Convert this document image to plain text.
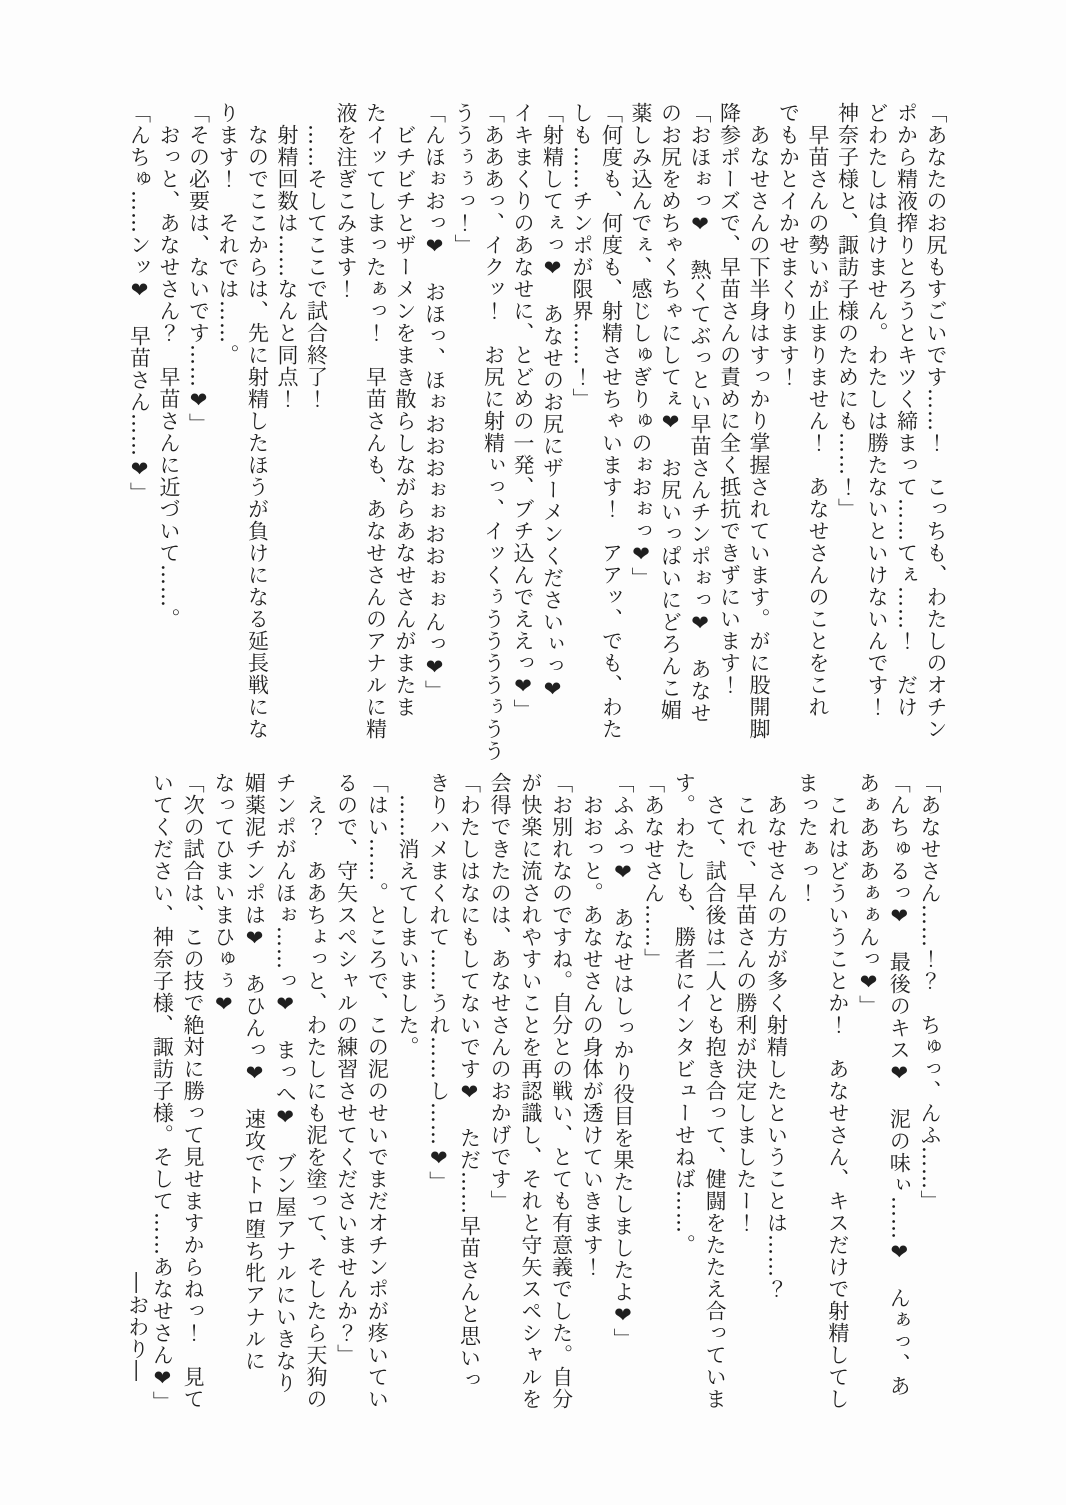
「あなたのお尻もすごいです……！　こっちも、わたしのオチン

ポから精液搾りとろうとキツく締まって……てぇ……！　だけ

どわたしは負けません。わたしは勝たないといけないんです！

神奈子様と、諏訪子様のためにも……！」

　早苗さんの勢いが止まりません！　あなせさんのことをこれ

でもかとイかせまくります！

　あなせさんの下半身はすっかり掌握されています。がに股開脚

降参ポーズで、早苗さんの責めに全く抵抗できずにいます！

「おほぉっ❤　熱くてぶっとい早苗さんチンポぉっ❤　あなせ

のお尻をめちゃくちゃにしてぇ❤　お尻いっぱいにどろんこ媚

薬しみ込んでぇ、感じしゅぎりゅのぉおぉっ❤」

「何度も、何度も、射精させちゃいます！　アアッ、でも、わた

しも……チンポが限界……！」

「射精してぇっ❤　あなせのお尻にザーメンくださいぃっ❤

イキまくりのあなせに、とどめの一発、ブチ込んでええっ❤」

「あああっ、イクッ！　お尻に射精ぃっ、イッくぅううううぅうう

ううぅぅっ！」

「んほぉおっ❤　おほっ、ほぉおおおぉぉおおぉぉんっ❤」

　ビチビチとザーメンをまき散らしながらあなせさんがまたま

たイッてしまったぁっ！　早苗さんも、あなせさんのアナルに精

液を注ぎこみます！

　……そしてここで試合終了！

　射精回数は……なんと同点！

　なのでここからは、先に射精したほうが負けになる延長戦にな

ります！　それでは……。

「その必要は、ないです……❤」

　おっと、あなせさん？　早苗さんに近づいて……。

「んちゅ……ンッ❤　早苗さん……❤」

「あなせさん……！？　ちゅっ、んふ……」

「んちゅるっ❤　最後のキス❤　泥の味ぃ……❤　んぁっ、あ

あぁあああぁぁんっ❤」

　これはどういうことか！　あなせさん、キスだけで射精してし

まったぁっ！

　あなせさんの方が多く射精したということは……？

　これで、早苗さんの勝利が決定しましたー！

　さて、試合後は二人とも抱き合って、健闘をたたえ合っていま

す。わたしも、勝者にインタビューせねば……。

「あなせさん……」

「ふふっ❤　あなせはしっかり役目を果たしましたよ❤」

　おおっと。あなせさんの身体が透けていきます！

「お別れなのですね。自分との戦い、とても有意義でした。自分

が快楽に流されやすいことを再認識し、それと守矢スペシャルを

会得できたのは、あなせさんのおかげです」

「わたしはなにもしてないです❤　ただ……早苗さんと思いっ

きりハメまくれて……うれ……し……❤」

　……消えてしまいました。

「はい……。ところで、この泥のせいでまだオチンポが疼いてい

るので、守矢スペシャルの練習させてくださいませんか？」

　え？　ああちょっと、わたしにも泥を塗って、そしたら天狗の

チンポがんほぉ……っ❤　まっへ❤　ブン屋アナルにいきなり

媚薬泥チンポは❤　あひんっ❤　速攻でトロ堕ち牝アナルに

なってひまいまひゅぅ❤

「次の試合は、この技で絶対に勝って見せますからねっ！　見て

いてください、神奈子様、諏訪子様。そして……あなせさん❤」

―おわり―
